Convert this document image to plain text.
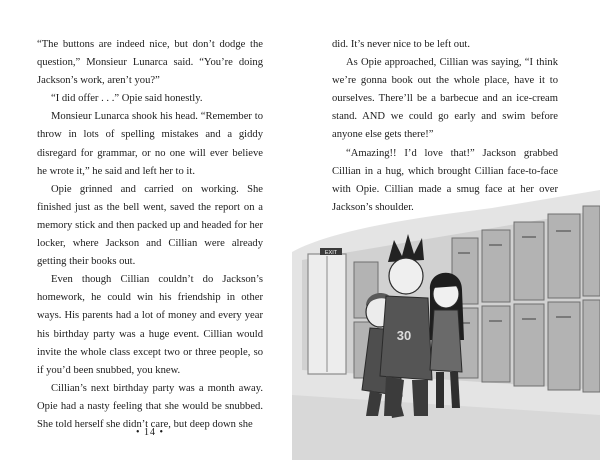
“The buttons are indeed nice, but don’t dodge the question,” Monsieur Lunarca said. “You’re doing Jackson’s work, aren’t you?”

“I did offer . . .” Opie said honestly.

Monsieur Lunarca shook his head. “Remember to throw in lots of spelling mistakes and a giddy disregard for grammar, or no one will ever believe he wrote it,” he said and left her to it.

Opie grinned and carried on working. She finished just as the bell went, saved the report on a memory stick and then packed up and headed for her locker, where Jackson and Cillian were already getting their books out.

Even though Cillian couldn’t do Jackson’s homework, he could win his friendship in other ways. His parents had a lot of money and every year his birthday party was a huge event. Cillian would invite the whole class except two or three people, so if you’d been snubbed, you knew.

Cillian’s next birthday party was a month away. Opie had a nasty feeling that she would be snubbed. She told herself she didn’t care, but deep down she

• 14 •

did. It’s never nice to be left out.

As Opie approached, Cillian was saying, “I think we’re gonna book out the whole place, have it to ourselves. There’ll be a barbecue and an ice-cream stand. AND we could go early and swim before anyone else gets there!”

“Amazing!! I’d love that!” Jackson grabbed Cillian in a hug, which brought Cillian face-to-face with Opie. Cillian made a smug face at her over Jackson’s shoulder.

EXIT
30
